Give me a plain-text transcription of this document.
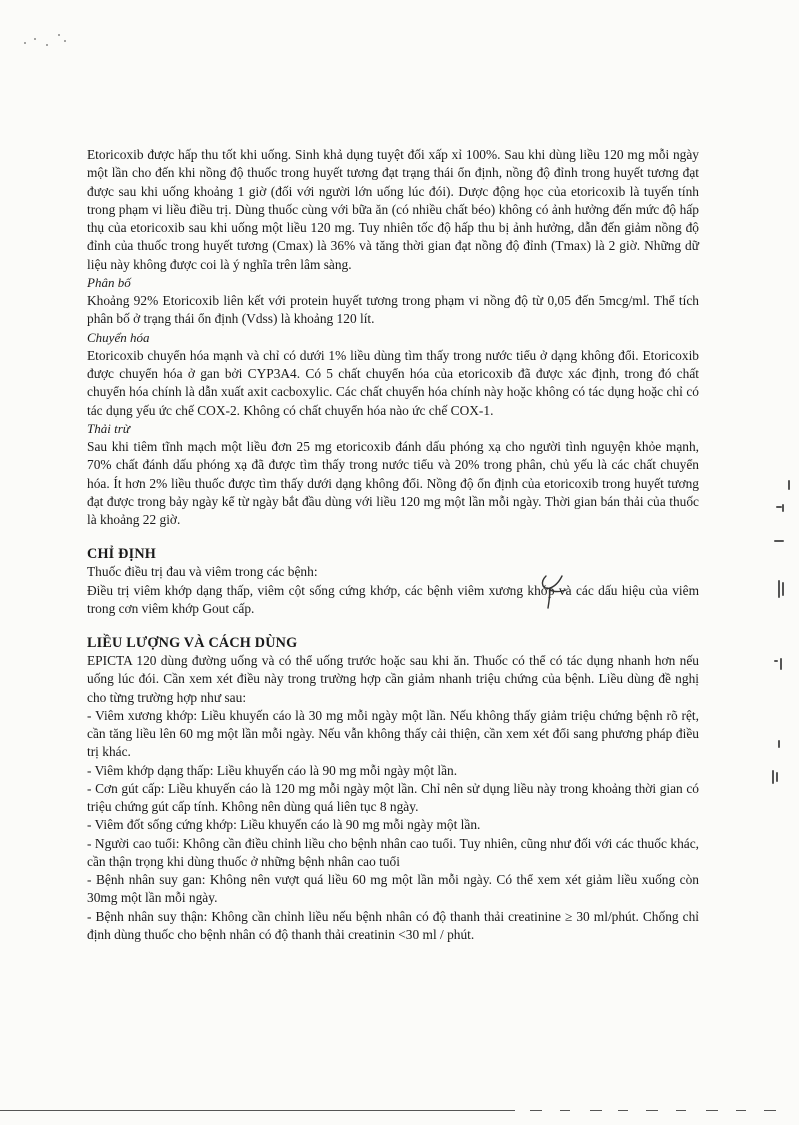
Etoricoxib được hấp thu tốt khi uống. Sinh khả dụng tuyệt đối xấp xỉ 100%. Sau khi dùng liều 120 mg mỗi ngày một lần cho đến khi nồng độ thuốc trong huyết tương đạt trạng thái ổn định, nồng độ đỉnh trong huyết tương đạt được sau khi uống khoảng 1 giờ (đối với người lớn uống lúc đói). Dược động học của etoricoxib là tuyến tính trong phạm vi liều điều trị. Dùng thuốc cùng với bữa ăn (có nhiều chất béo) không có ảnh hưởng đến mức độ hấp thụ của etoricoxib sau khi uống một liều 120 mg. Tuy nhiên tốc độ hấp thu bị ảnh hưởng, dẫn đến giảm nồng độ đỉnh của thuốc trong huyết tương (Cmax) là 36% và tăng thời gian đạt nồng độ đỉnh (Tmax) là 2 giờ. Những dữ liệu này không được coi là ý nghĩa trên lâm sàng.

Phân bố

Khoảng 92% Etoricoxib liên kết với protein huyết tương trong phạm vi nồng độ từ 0,05 đến 5mcg/ml. Thể tích phân bố ở trạng thái ổn định (Vdss) là khoảng 120 lít.

Chuyển hóa

Etoricoxib chuyển hóa mạnh và chỉ có dưới 1% liều dùng tìm thấy trong nước tiểu ở dạng không đổi. Etoricoxib được chuyển hóa ở gan bởi CYP3A4. Có 5 chất chuyển hóa của etoricoxib đã được xác định, trong đó chất chuyển hóa chính là dẫn xuất axit cacboxylic. Các chất chuyển hóa chính này hoặc không có tác dụng hoặc chỉ có tác dụng yếu ức chế COX-2. Không có chất chuyển hóa nào ức chế COX-1.

Thải trừ

Sau khi tiêm tĩnh mạch một liều đơn 25 mg etoricoxib đánh dấu phóng xạ cho người tình nguyện khỏe mạnh, 70% chất đánh dấu phóng xạ đã được tìm thấy trong nước tiểu và 20% trong phân, chủ yếu là các chất chuyển hóa. Ít hơn 2% liều thuốc được tìm thấy dưới dạng không đổi. Nồng độ ổn định của etoricoxib trong huyết tương đạt được trong bảy ngày kể từ ngày bắt đầu dùng với liều 120 mg một lần mỗi ngày. Thời gian bán thải của thuốc là khoảng 22 giờ.

CHỈ ĐỊNH

Thuốc điều trị đau và viêm trong các bệnh:

Điều trị viêm khớp dạng thấp, viêm cột sống cứng khớp, các bệnh viêm xương khớp và các dấu hiệu của viêm trong cơn viêm khớp Gout cấp.

LIỀU LƯỢNG VÀ CÁCH DÙNG

EPICTA 120 dùng đường uống và có thể uống trước hoặc sau khi ăn. Thuốc có thể có tác dụng nhanh hơn nếu uống lúc đói. Cần xem xét điều này trong trường hợp cần giảm nhanh triệu chứng của bệnh. Liều dùng đề nghị cho từng trường hợp như sau:

- Viêm xương khớp: Liều khuyến cáo là 30 mg mỗi ngày một lần. Nếu không thấy giảm triệu chứng bệnh rõ rệt, cần tăng liều lên 60 mg một lần mỗi ngày. Nếu vẫn không thấy cải thiện, cần xem xét đổi sang phương pháp điều trị khác.

- Viêm khớp dạng thấp: Liều khuyến cáo là 90 mg mỗi ngày một lần.

- Cơn gút cấp: Liều khuyến cáo là 120 mg mỗi ngày một lần. Chỉ nên sử dụng liều này trong khoảng thời gian có triệu chứng gút cấp tính. Không nên dùng quá liên tục 8 ngày.

- Viêm đốt sống cứng khớp: Liều khuyến cáo là 90 mg mỗi ngày một lần.

- Người cao tuổi: Không cần điều chỉnh liều cho bệnh nhân cao tuổi. Tuy nhiên, cũng như đối với các thuốc khác, cần thận trọng khi dùng thuốc ở những bệnh nhân cao tuổi

- Bệnh nhân suy gan: Không nên vượt quá liều 60 mg một lần mỗi ngày. Có thể xem xét giảm liều xuống còn 30mg một lần mỗi ngày.

- Bệnh nhân suy thận: Không cần chỉnh liều nếu bệnh nhân có độ thanh thải creatinine ≥ 30 ml/phút. Chống chỉ định dùng thuốc cho bệnh nhân có độ thanh thải creatinin <30 ml / phút.
